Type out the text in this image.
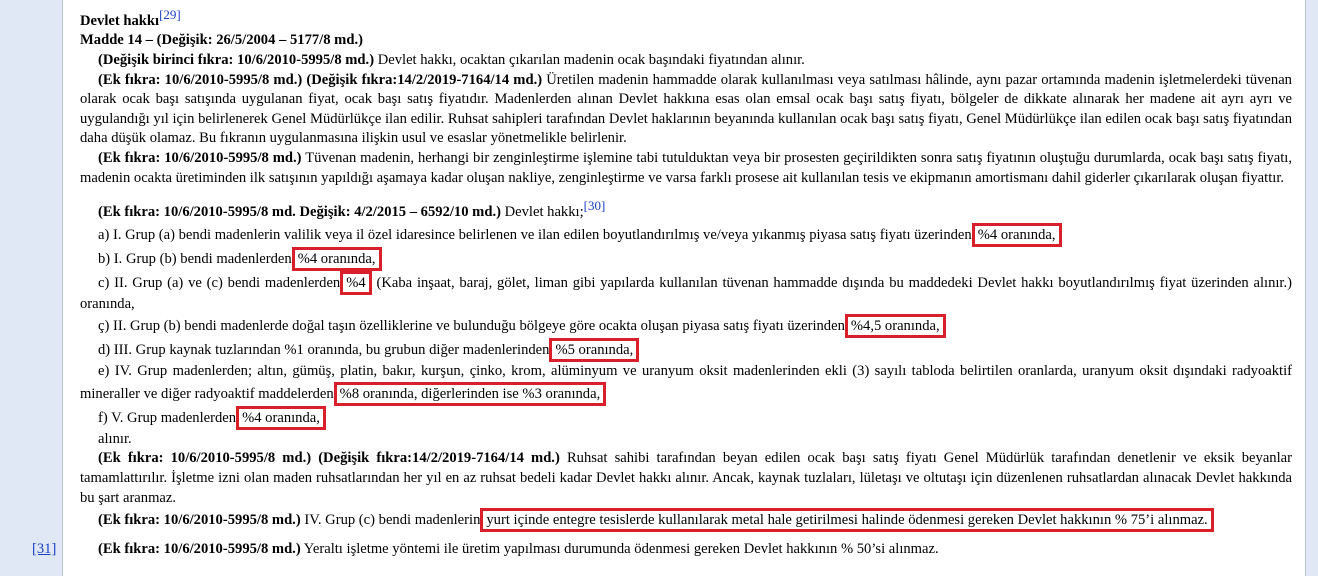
Devlet hakkı[29]

Madde 14 – (Değişik: 26/5/2004 – 5177/8 md.)

(Değişik birinci fıkra: 10/6/2010-5995/8 md.) Devlet hakkı, ocaktan çıkarılan madenin ocak başındaki fiyatından alınır.

(Ek fıkra: 10/6/2010-5995/8 md.) (Değişik fıkra:14/2/2019-7164/14 md.) Üretilen madenin hammadde olarak kullanılması veya satılması hâlinde, aynı pazar ortamında madenin işletmelerdeki tüvenan olarak ocak başı satışında uygulanan fiyat, ocak başı satış fiyatıdır. Madenlerden alınan Devlet hakkına esas olan emsal ocak başı satış fiyatı, bölgeler de dikkate alınarak her madene ait ayrı ayrı ve uygulandığı yıl için belirlenerek Genel Müdürlükçe ilan edilir. Ruhsat sahipleri tarafından Devlet haklarının beyanında kullanılan ocak başı satış fiyatı, Genel Müdürlükçe ilan edilen ocak başı satış fiyatından daha düşük olamaz. Bu fıkranın uygulanmasına ilişkin usul ve esaslar yönetmelikle belirlenir.

(Ek fıkra: 10/6/2010-5995/8 md.) Tüvenan madenin, herhangi bir zenginleştirme işlemine tabi tutulduktan veya bir prosesten geçirildikten sonra satış fiyatının oluştuğu durumlarda, ocak başı satış fiyatı, madenin ocakta üretiminden ilk satışının yapıldığı aşamaya kadar oluşan nakliye, zenginleştirme ve varsa farklı prosese ait kullanılan tesis ve ekipmanın amortismanı dahil giderler çıkarılarak oluşan fiyattır.

(Ek fıkra: 10/6/2010-5995/8 md. Değişik: 4/2/2015 – 6592/10 md.) Devlet hakkı;[30]

a) I. Grup (a) bendi madenlerin valilik veya il özel idaresince belirlenen ve ilan edilen boyutlandırılmış ve/veya yıkanmış piyasa satış fiyatı üzerinden %4 oranında,

b) I. Grup (b) bendi madenlerden %4 oranında,

c) II. Grup (a) ve (c) bendi madenlerden %4 (Kaba inşaat, baraj, gölet, liman gibi yapılarda kullanılan tüvenan hammadde dışında bu maddedeki Devlet hakkı boyutlandırılmış fiyat üzerinden alınır.) oranında,

ç) II. Grup (b) bendi madenlerde doğal taşın özelliklerine ve bulunduğu bölgeye göre ocakta oluşan piyasa satış fiyatı üzerinden %4,5 oranında,

d) III. Grup kaynak tuzlarından %1 oranında, bu grubun diğer madenlerinden %5 oranında,

e) IV. Grup madenlerden; altın, gümüş, platin, bakır, kurşun, çinko, krom, alüminyum ve uranyum oksit madenlerinden ekli (3) sayılı tabloda belirtilen oranlarda, uranyum oksit dışındaki radyoaktif mineraller ve diğer radyoaktif maddelerden %8 oranında, diğerlerinden ise %3 oranında,

f) V. Grup madenlerden %4 oranında,

alınır.

(Ek fıkra: 10/6/2010-5995/8 md.) (Değişik fıkra:14/2/2019-7164/14 md.) Ruhsat sahibi tarafından beyan edilen ocak başı satış fiyatı Genel Müdürlük tarafından denetlenir ve eksik beyanlar tamamlattırılır. İşletme izni olan maden ruhsatlarından her yıl en az ruhsat bedeli kadar Devlet hakkı alınır. Ancak, kaynak tuzlaları, lületaşı ve oltutaşı için düzenlenen ruhsatlardan alınacak Devlet hakkında bu şart aranmaz.

(Ek fıkra: 10/6/2010-5995/8 md.) IV. Grup (c) bendi madenlerin yurt içinde entegre tesislerde kullanılarak metal hale getirilmesi halinde ödenmesi gereken Devlet hakkının % 75’i alınmaz.

(Ek fıkra: 10/6/2010-5995/8 md.) Yeraltı işletme yöntemi ile üretim yapılması durumunda ödenmesi gereken Devlet hakkının % 50’si alınmaz.

[31]
